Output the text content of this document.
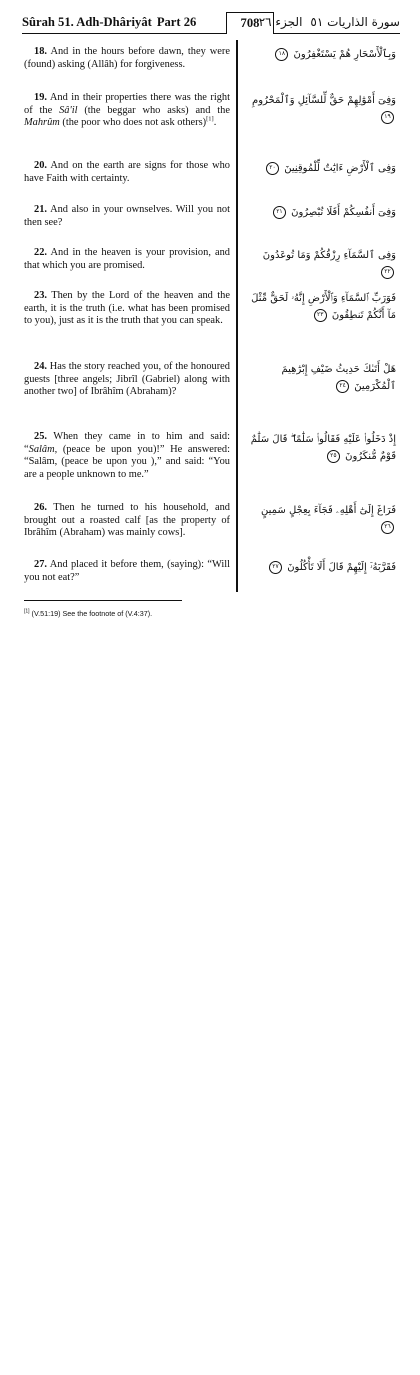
Sûrah 51. Adh-Dhâriyât Part 26	708	سورة الذاريات ٥١الجزء ٢٦
18. And in the hours before dawn, they were (found) asking (Allâh) for forgiveness.
وَبِٱلْأَسْحَارِ هُمْ يَسْتَغْفِرُونَ ١٨
19. And in their properties there was the right of the Sâ'il (the beggar who asks) and the Mahrûm (the poor who does not ask others)[1].
وَفِىٓ أَمْوَٰلِهِمْ حَقٌّ لِّلسَّآئِلِ وَٱلْمَحْرُومِ ١٩
20. And on the earth are signs for those who have Faith with certainty.
وَفِى ٱلْأَرْضِ ءَايَٰتٌ لِّلْمُوقِنِينَ ٢٠
21. And also in your ownselves. Will you not then see?
وَفِىٓ أَنفُسِكُمْ أَفَلَا تُبْصِرُونَ ٢١
22. And in the heaven is your provision, and that which you are promised.
وَفِى ٱلسَّمَآءِ رِزْقُكُمْ وَمَا تُوعَدُونَ ٢٢
23. Then by the Lord of the heaven and the earth, it is the truth (i.e. what has been promised to you), just as it is the truth that you can speak.
فَوَرَبِّ ٱلسَّمَآءِ وَٱلْأَرْضِ إِنَّهُۥ لَحَقٌّ مِّثْلَ مَآ أَنَّكُمْ تَنطِقُونَ ٢٣
24. Has the story reached you, of the honoured guests [three angels; Jibrîl (Gabriel) along with another two] of Ibrâhîm (Abraham)?
هَلْ أَتَىٰكَ حَدِيثُ ضَيْفِ إِبْرَٰهِيمَ ٱلْمُكْرَمِينَ ٢٤
25. When they came in to him and said: “Salâm, (peace be upon you)!” He answered: “Salâm, (peace be upon you ),” and said: “You are a people unknown to me.”
إِذْ دَخَلُوا۟ عَلَيْهِ فَقَالُوا۟ سَلَٰمًا ۖ قَالَ سَلَٰمٌ قَوْمٌ مُّنكَرُونَ ٢٥
26. Then he turned to his household, and brought out a roasted calf [as the property of Ibrâhîm (Abraham) was mainly cows].
فَرَاغَ إِلَىٰٓ أَهْلِهِۦ فَجَآءَ بِعِجْلٍ سَمِينٍ ٢٦
27. And placed it before them, (saying): “Will you not eat?”
فَقَرَّبَهُۥٓ إِلَيْهِمْ قَالَ أَلَا تَأْكُلُونَ ٢٧
[1] (V.51:19) See the footnote of (V.4:37).
